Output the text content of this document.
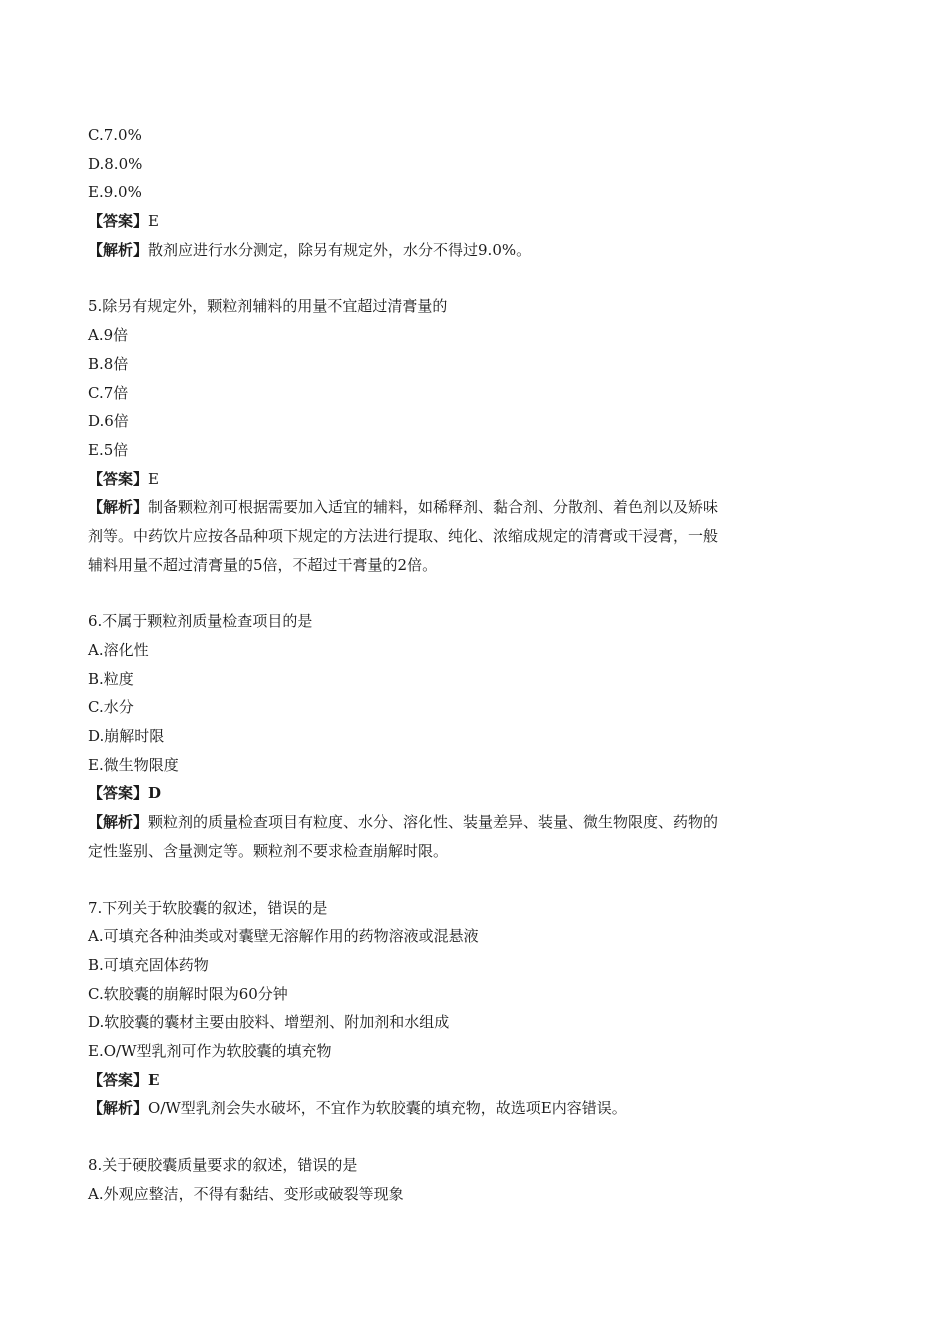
C.7.0%

D.8.0%

E.9.0%

【答案】E

【解析】散剂应进行水分测定，除另有规定外，水分不得过9.0%。

5.除另有规定外，颗粒剂辅料的用量不宜超过清膏量的

A.9倍

B.8倍

C.7倍

D.6倍

E.5倍

【答案】E

【解析】制备颗粒剂可根据需要加入适宜的辅料，如稀释剂、黏合剂、分散剂、着色剂以及矫味

剂等。中药饮片应按各品种项下规定的方法进行提取、纯化、浓缩成规定的清膏或干浸膏，一般

辅料用量不超过清膏量的5倍，不超过干膏量的2倍。

6.不属于颗粒剂质量检查项目的是

A.溶化性

B.粒度

C.水分

D.崩解时限

E.微生物限度

【答案】D

【解析】颗粒剂的质量检查项目有粒度、水分、溶化性、装量差异、装量、微生物限度、药物的

定性鉴别、含量测定等。颗粒剂不要求检查崩解时限。

7.下列关于软胶囊的叙述，错误的是

A.可填充各种油类或对囊壁无溶解作用的药物溶液或混悬液

B.可填充固体药物

C.软胶囊的崩解时限为60分钟

D.软胶囊的囊材主要由胶料、增塑剂、附加剂和水组成

E.O/W型乳剂可作为软胶囊的填充物

【答案】E

【解析】O/W型乳剂会失水破坏，不宜作为软胶囊的填充物，故选项E内容错误。

8.关于硬胶囊质量要求的叙述，错误的是

A.外观应整洁，不得有黏结、变形或破裂等现象
